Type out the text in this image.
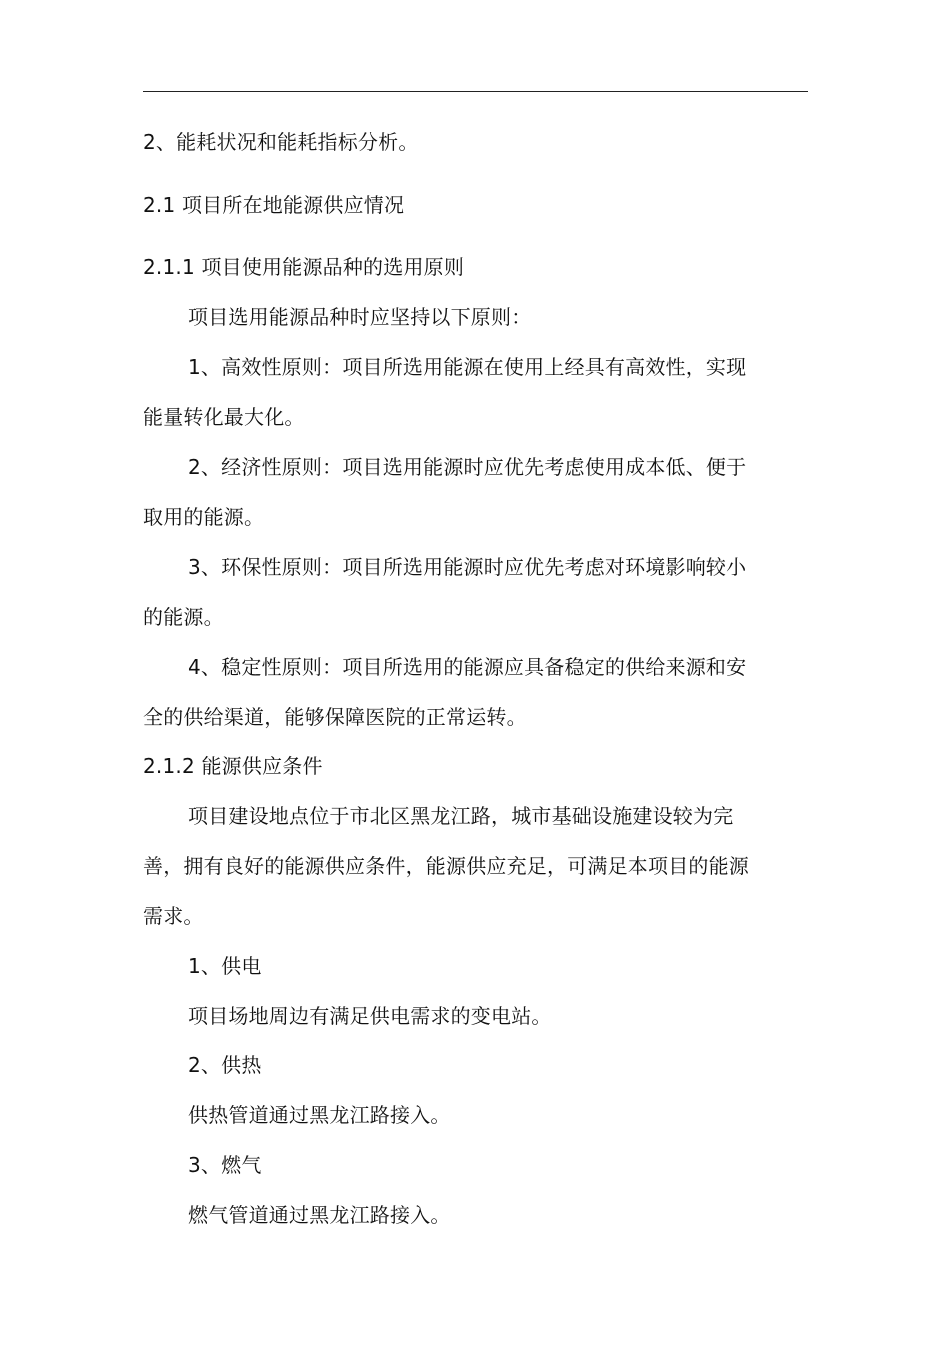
2、能耗状况和能耗指标分析。
2.1 项目所在地能源供应情况
2.1.1 项目使用能源品种的选用原则
项目选用能源品种时应坚持以下原则：
1、高效性原则：项目所选用能源在使用上经具有高效性，实现
能量转化最大化。
2、经济性原则：项目选用能源时应优先考虑使用成本低、便于
取用的能源。
3、环保性原则：项目所选用能源时应优先考虑对环境影响较小
的能源。
4、稳定性原则：项目所选用的能源应具备稳定的供给来源和安
全的供给渠道，能够保障医院的正常运转。
2.1.2 能源供应条件
项目建设地点位于市北区黑龙江路，城市基础设施建设较为完
善，拥有良好的能源供应条件，能源供应充足，可满足本项目的能源
需求。
1、供电
项目场地周边有满足供电需求的变电站。
2、供热
供热管道通过黑龙江路接入。
3、燃气
燃气管道通过黑龙江路接入。
